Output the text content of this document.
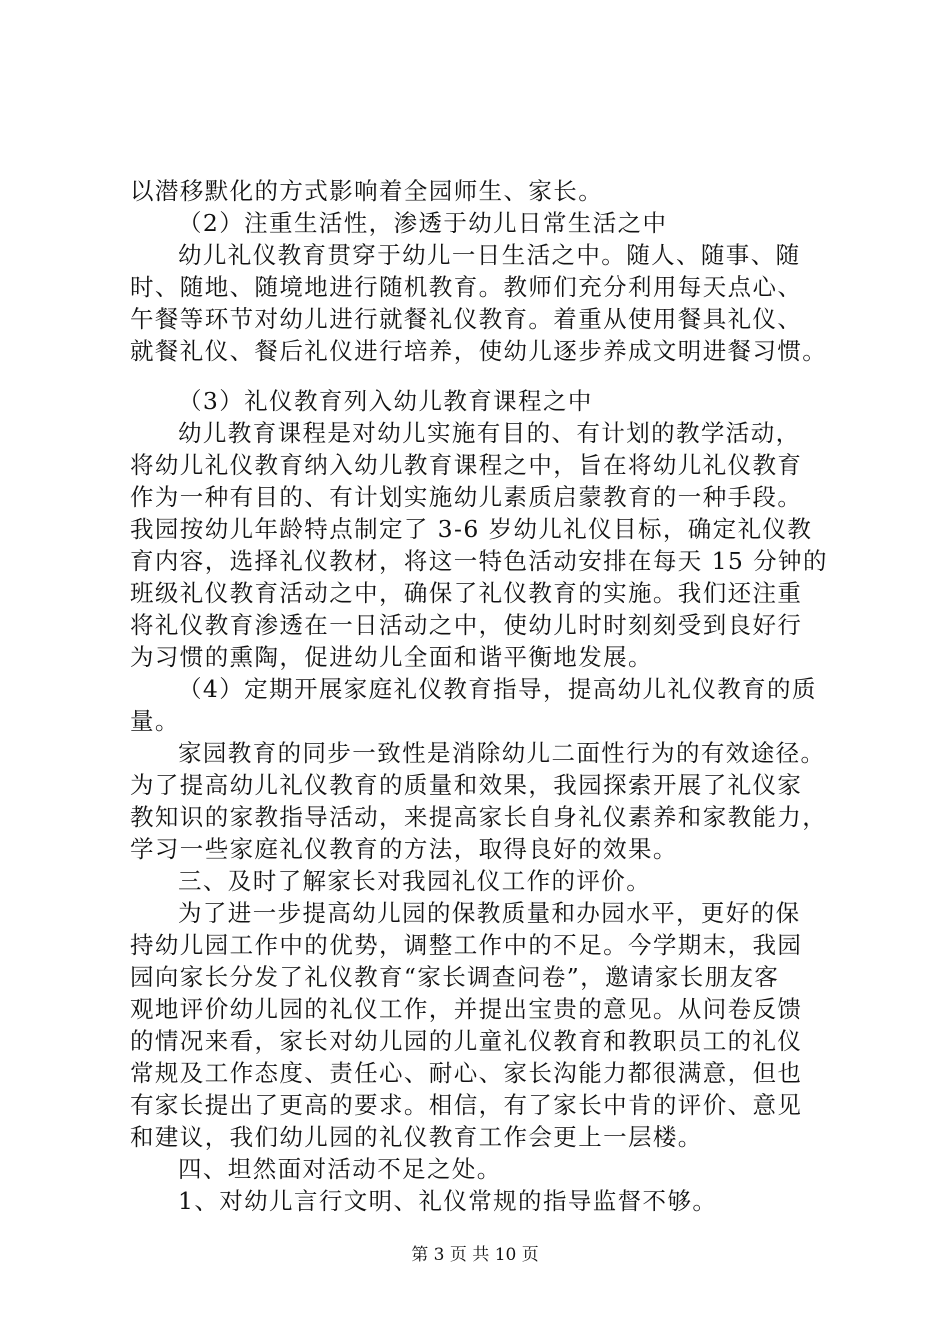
以潜移默化的方式影响着全园师生、家长。
（2）注重生活性，渗透于幼儿日常生活之中
幼儿礼仪教育贯穿于幼儿一日生活之中。随人、随事、随
时、随地、随境地进行随机教育。教师们充分利用每天点心、
午餐等环节对幼儿进行就餐礼仪教育。着重从使用餐具礼仪、
就餐礼仪、餐后礼仪进行培养，使幼儿逐步养成文明进餐习惯。
（3）礼仪教育列入幼儿教育课程之中
幼儿教育课程是对幼儿实施有目的、有计划的教学活动，
将幼儿礼仪教育纳入幼儿教育课程之中，旨在将幼儿礼仪教育
作为一种有目的、有计划实施幼儿素质启蒙教育的一种手段。
我园按幼儿年龄特点制定了 3-6 岁幼儿礼仪目标，确定礼仪教
育内容，选择礼仪教材，将这一特色活动安排在每天 15 分钟的
班级礼仪教育活动之中，确保了礼仪教育的实施。我们还注重
将礼仪教育渗透在一日活动之中，使幼儿时时刻刻受到良好行
为习惯的熏陶，促进幼儿全面和谐平衡地发展。
（4）定期开展家庭礼仪教育指导，提高幼儿礼仪教育的质
量。
家园教育的同步一致性是消除幼儿二面性行为的有效途径。
为了提高幼儿礼仪教育的质量和效果，我园探索开展了礼仪家
教知识的家教指导活动，来提高家长自身礼仪素养和家教能力，
学习一些家庭礼仪教育的方法，取得良好的效果。
三、及时了解家长对我园礼仪工作的评价。
为了进一步提高幼儿园的保教质量和办园水平，更好的保
持幼儿园工作中的优势，调整工作中的不足。今学期末，我园
园向家长分发了礼仪教育“家长调查问卷”，邀请家长朋友客
观地评价幼儿园的礼仪工作，并提出宝贵的意见。从问卷反馈
的情况来看，家长对幼儿园的儿童礼仪教育和教职员工的礼仪
常规及工作态度、责任心、耐心、家长沟能力都很满意，但也
有家长提出了更高的要求。相信，有了家长中肯的评价、意见
和建议，我们幼儿园的礼仪教育工作会更上一层楼。
四、坦然面对活动不足之处。
1、对幼儿言行文明、礼仪常规的指导监督不够。
第 3 页 共 10 页
